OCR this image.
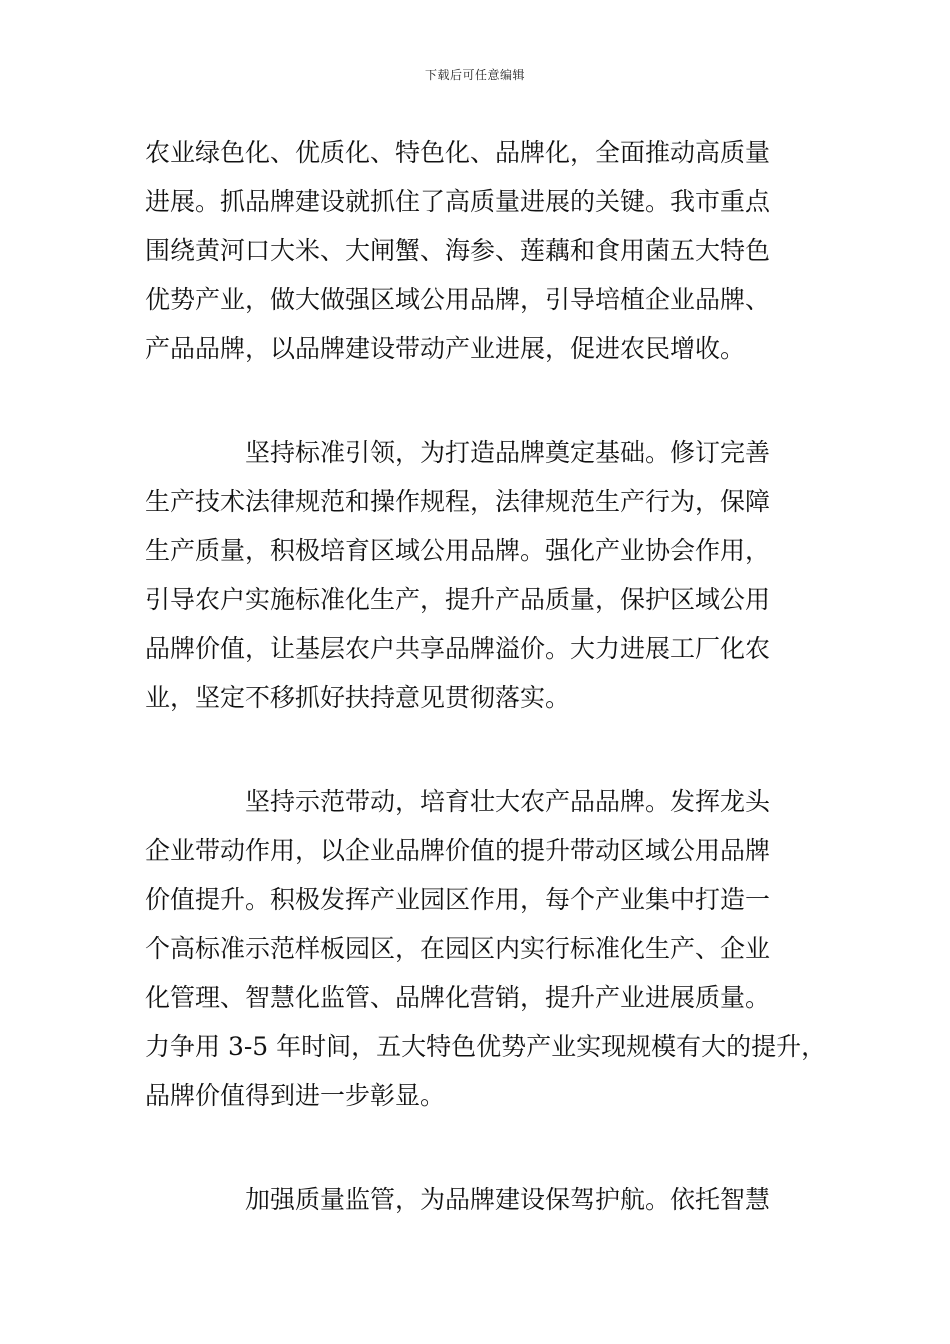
下载后可任意编辑
农业绿色化、优质化、特色化、品牌化，全面推动高质量
进展。抓品牌建设就抓住了高质量进展的关键。我市重点
围绕黄河口大米、大闸蟹、海参、莲藕和食用菌五大特色
优势产业，做大做强区域公用品牌，引导培植企业品牌、
产品品牌，以品牌建设带动产业进展，促进农民增收。
　　　　坚持标准引领，为打造品牌奠定基础。修订完善
生产技术法律规范和操作规程，法律规范生产行为，保障
生产质量，积极培育区域公用品牌。强化产业协会作用，
引导农户实施标准化生产，提升产品质量，保护区域公用
品牌价值，让基层农户共享品牌溢价。大力进展工厂化农
业，坚定不移抓好扶持意见贯彻落实。
　　　　坚持示范带动，培育壮大农产品品牌。发挥龙头
企业带动作用，以企业品牌价值的提升带动区域公用品牌
价值提升。积极发挥产业园区作用，每个产业集中打造一
个高标准示范样板园区，在园区内实行标准化生产、企业
化管理、智慧化监管、品牌化营销，提升产业进展质量。
力争用 3-5 年时间，五大特色优势产业实现规模有大的提升，
品牌价值得到进一步彰显。
　　　　加强质量监管，为品牌建设保驾护航。依托智慧
